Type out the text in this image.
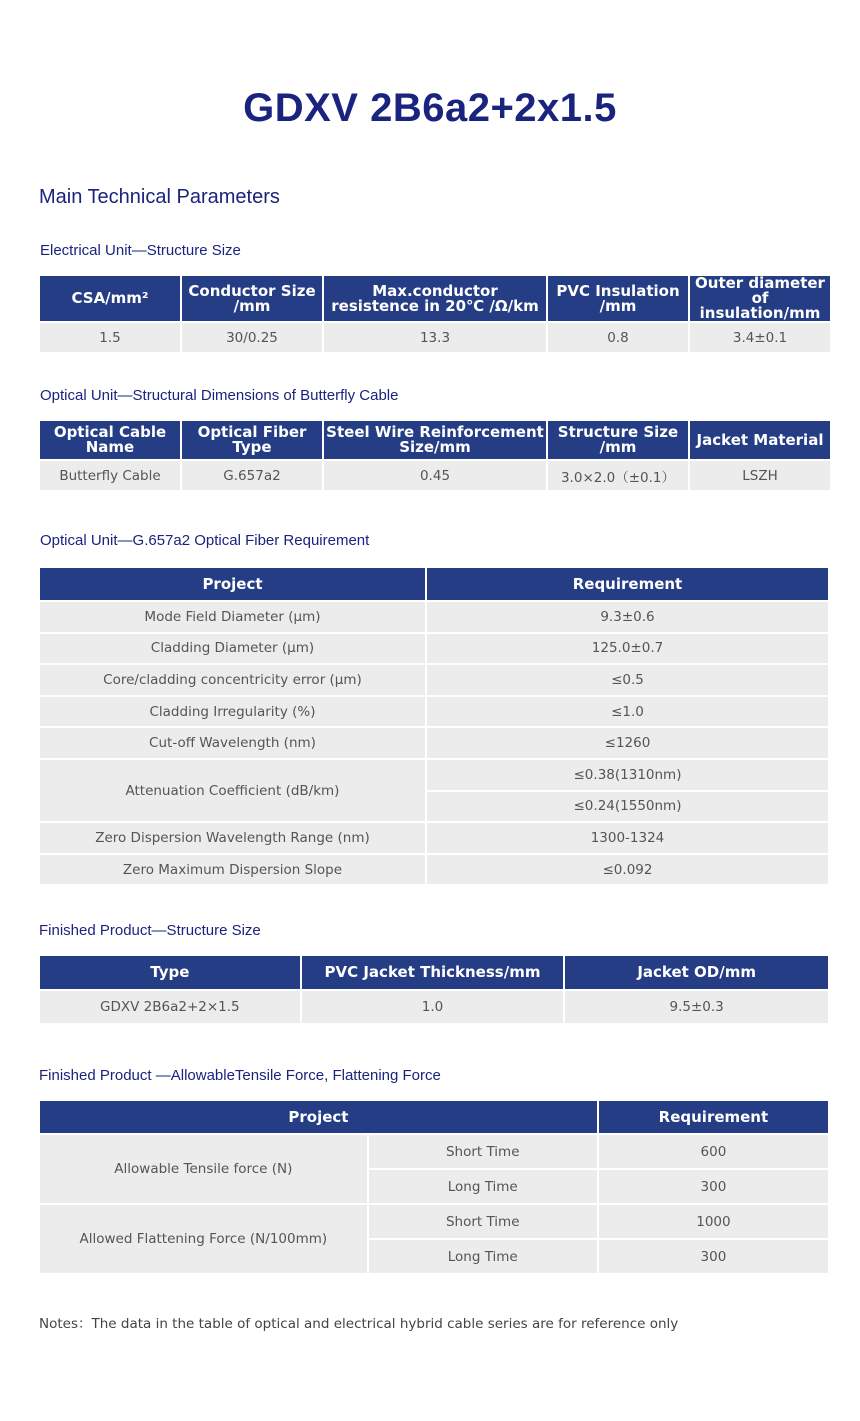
GDXV 2B6a2+2x1.5
Main Technical Parameters
Electrical Unit—Structure Size
CSA/mm²	Conductor Size /mm	Max.conductor resistence in 20℃ /Ω/km	PVC Insulation /mm	Outer diameter of insulation/mm
1.5	30/0.25	13.3	0.8	3.4±0.1
Optical Unit—Structural Dimensions of Butterfly Cable
Optical Cable Name	Optical Fiber Type	Steel Wire Reinforcement Size/mm	Structure Size /mm	Jacket Material
Butterfly Cable	G.657a2	0.45	3.0×2.0（±0.1）	LSZH
Optical Unit—G.657a2 Optical Fiber Requirement
Project	Requirement
Mode Field Diameter (μm)	9.3±0.6
Cladding Diameter (μm)	125.0±0.7
Core/cladding concentricity error (μm)	≤0.5
Cladding Irregularity (%)	≤1.0
Cut-off Wavelength (nm)	≤1260
Attenuation Coefficient (dB/km)	≤0.38(1310nm)
	≤0.24(1550nm)
Zero Dispersion Wavelength Range (nm)	1300-1324
Zero Maximum Dispersion Slope	≤0.092
Finished Product—Structure Size
Type	PVC Jacket Thickness/mm	Jacket OD/mm
GDXV 2B6a2+2×1.5	1.0	9.5±0.3
Finished Product —AllowableTensile Force, Flattening Force
Project		Requirement
Allowable Tensile force (N)	Short Time	600
	Long Time	300
Allowed Flattening Force (N/100mm)	Short Time	1000
	Long Time	300
Notes：The data in the table of optical and electrical hybrid cable series are for reference only
